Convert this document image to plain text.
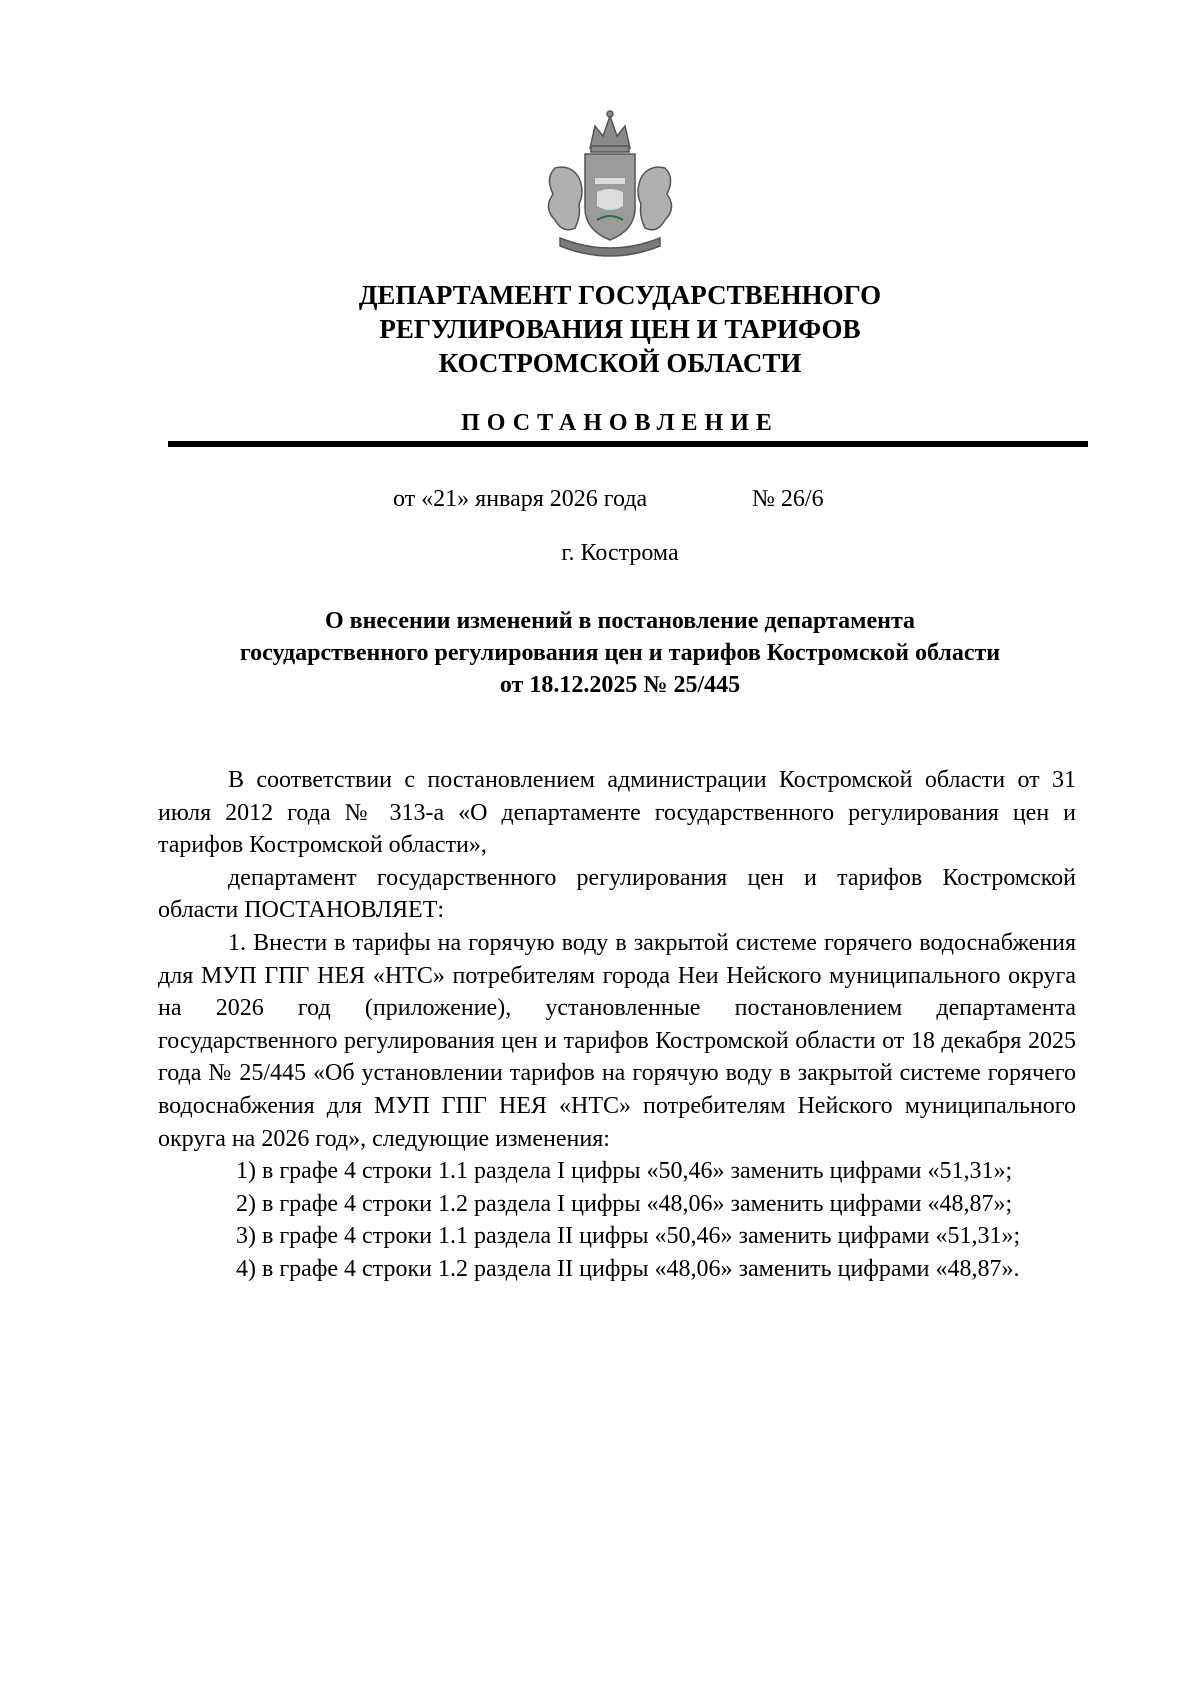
ДЕПАРТАМЕНТ ГОСУДАРСТВЕННОГО
РЕГУЛИРОВАНИЯ ЦЕН И ТАРИФОВ
КОСТРОМСКОЙ ОБЛАСТИ
ПОСТАНОВЛЕНИЕ
от «21» января 2026 года	№ 26/6
г. Кострома
О внесении изменений в постановление департамента
государственного регулирования цен и тарифов Костромской области
от 18.12.2025 № 25/445

В соответствии с постановлением администрации Костромской области от 31 июля 2012 года № 313-а «О департаменте государственного регулирования цен и тарифов Костромской области»,

департамент государственного регулирования цен и тарифов Костромской области ПОСТАНОВЛЯЕТ:

1. Внести в тарифы на горячую воду в закрытой системе горячего водоснабжения для МУП ГПГ НЕЯ «НТС» потребителям города Неи Нейского муниципального округа на 2026 год (приложение), установленные постановлением департамента государственного регулирования цен и тарифов Костромской области от 18 декабря 2025 года № 25/445 «Об установлении тарифов на горячую воду в закрытой системе горячего водоснабжения для МУП ГПГ НЕЯ «НТС» потребителям Нейского муниципального округа на 2026 год», следующие изменения:

1) в графе 4 строки 1.1 раздела I цифры «50,46» заменить цифрами «51,31»;

2) в графе 4 строки 1.2 раздела I цифры «48,06» заменить цифрами «48,87»;

3) в графе 4 строки 1.1 раздела II цифры «50,46» заменить цифрами «51,31»;

4) в графе 4 строки 1.2 раздела II цифры «48,06» заменить цифрами «48,87».
